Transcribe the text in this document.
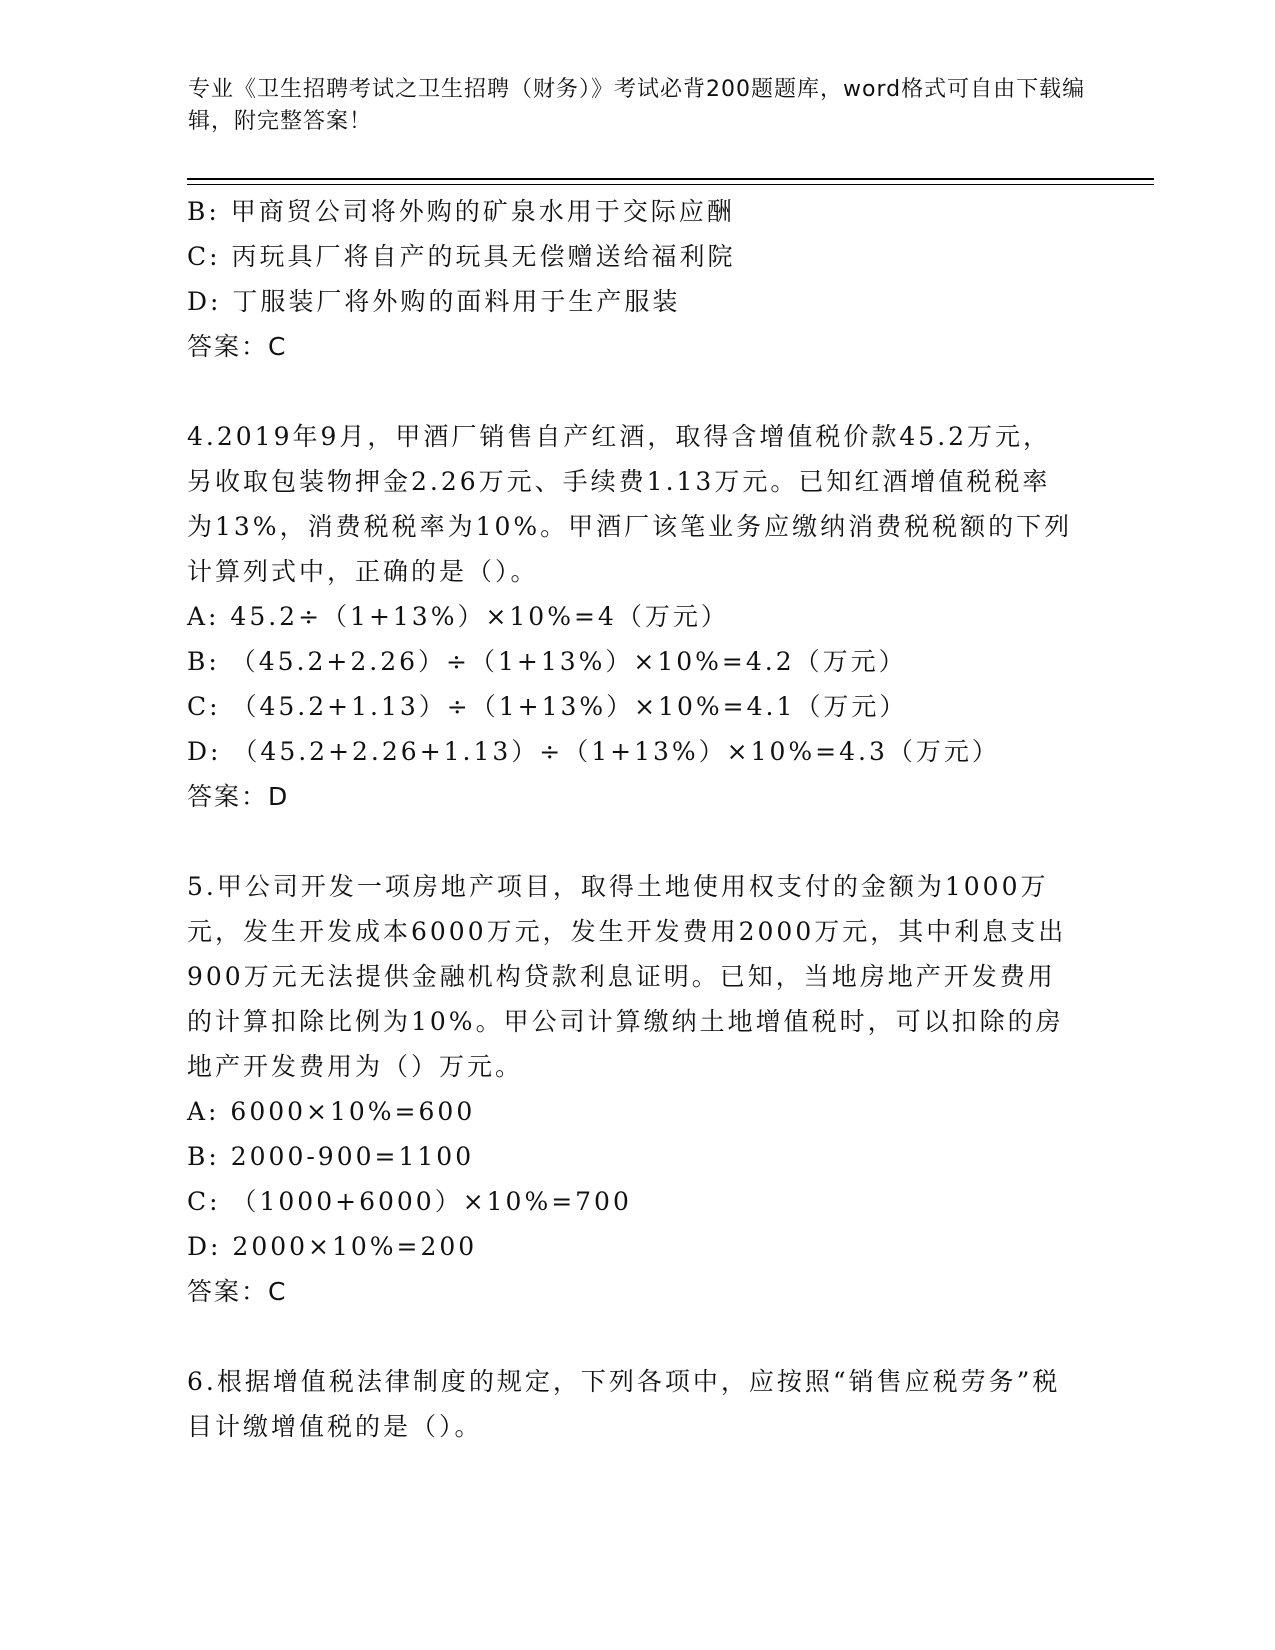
专业《卫生招聘考试之卫生招聘（财务）》考试必背200题题库，word格式可自由下载编辑，附完整答案！
B: 甲商贸公司将外购的矿泉水用于交际应酬
C: 丙玩具厂将自产的玩具无偿赠送给福利院
D: 丁服装厂将外购的面料用于生产服装
答案：C
4.2019年9月，甲酒厂销售自产红酒，取得含增值税价款45.2万元，另收取包装物押金2.26万元、手续费1.13万元。已知红酒增值税税率为13%，消费税税率为10%。甲酒厂该笔业务应缴纳消费税税额的下列计算列式中，正确的是（）。
A: 45.2÷（1+13%）×10%=4（万元）
B: （45.2+2.26）÷（1+13%）×10%=4.2（万元）
C: （45.2+1.13）÷（1+13%）×10%=4.1（万元）
D: （45.2+2.26+1.13）÷（1+13%）×10%=4.3（万元）
答案：D
5.甲公司开发一项房地产项目，取得土地使用权支付的金额为1000万元，发生开发成本6000万元，发生开发费用2000万元，其中利息支出900万元无法提供金融机构贷款利息证明。已知，当地房地产开发费用的计算扣除比例为10%。甲公司计算缴纳土地增值税时，可以扣除的房地产开发费用为（）万元。
A: 6000×10%=600
B: 2000-900=1100
C: （1000+6000）×10%=700
D: 2000×10%=200
答案：C
6.根据增值税法律制度的规定，下列各项中，应按照“销售应税劳务”税目计缴增值税的是（）。
